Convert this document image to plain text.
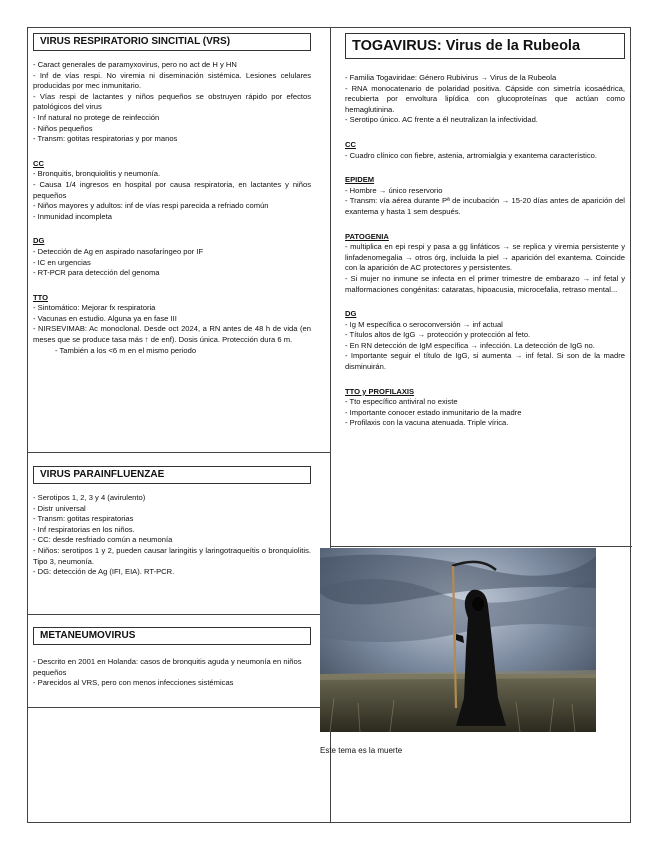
VIRUS RESPIRATORIO SINCITIAL (VRS)
- Caract generales de paramyxovirus, pero no act de H y HN
- Inf de vías respi. No viremia ni diseminación sistémica. Lesiones celulares producidas por mec inmunitario.
- Vías respi de lactantes y niños pequeños se obstruyen rápido por efectos patológicos del virus
- Inf natural no protege de reinfección
- Niños pequeños
- Transm: gotitas respiratorias y por manos
CC
- Bronquitis, bronquiolitis y neumonía.
- Causa 1/4 ingresos en hospital por causa respiratoria, en lactantes y niños pequeños
- Niños mayores y adultos: inf de vías respi parecida a refriado común
- Inmunidad incompleta
DG
- Detección de Ag en aspirado nasofaríngeo por IF
- IC en urgencias
- RT-PCR para detección del genoma
TTO
- Sintomático: Mejorar fx respiratoria
- Vacunas en estudio. Alguna ya en fase III
- NIRSEVIMAB: Ac monoclonal. Desde oct 2024, a RN antes de 48 h de vida (en meses que se produce tasa más ↑ de enf). Dosis única. Protección dura 6 m.
- También a los <6 m en el mismo periodo
VIRUS PARAINFLUENZAE
- Serotipos 1, 2, 3 y 4 (avirulento)
- Distr universal
- Transm: gotitas respiratorias
- Inf respiratorias en los niños.
- CC: desde resfriado común a neumonía
- Niños: serotipos 1 y 2, pueden causar laringitis y laringotraqueítis o bronquiolitis. Tipo 3, neumonía.
- DG: detección de Ag (IFI, EIA). RT-PCR.
METANEUMOVIRUS
- Descrito en 2001 en Holanda: casos de bronquitis aguda y neumonía en niños pequeños
- Parecidos al VRS, pero con menos infecciones sistémicas
TOGAVIRUS: Virus de la Rubeola
- Familia Togaviridae: Género Rubivirus → Virus de la Rubeola
- RNA monocatenario de polaridad positiva. Cápside con simetría icosaédrica, recubierta por envoltura lipídica con glucoproteínas que actúan como hemaglutinina.
- Serotipo único. AC frente a él neutralizan la infectividad.
CC
- Cuadro clínico con fiebre, astenia, artromialgia y exantema característico.
EPIDEM
- Hombre → único reservorio
- Transm: vía aérea durante Pª de incubación → 15-20 días antes de aparición del exantema y hasta 1 sem después.
PATOGENIA
- multiplica en epi respi y pasa a gg linfáticos → se replica y viremia persistente y linfadenomegalia → otros órg, incluida la piel → aparición del exantema. Coincide con la aparición de AC protectores y persistentes.
- Si mujer no inmune se infecta en el primer trimestre de embarazo → inf fetal y malformaciones congénitas: cataratas, hipoacusia, microcefalia, retraso mental...
DG
- Ig M específica o seroconversión → inf actual
- Títulos altos de IgG → protección y protección al feto.
- En RN detección de IgM específica → infección. La detección de IgG no.
- Importante seguir el título de IgG, si aumenta → inf fetal. Si son de la madre disminuirán.
TTO y PROFILAXIS
- Tto específico antiviral no existe
- Importante conocer estado inmunitario de la madre
- Profilaxis con la vacuna atenuada. Triple vírica.
Este tema es la muerte
